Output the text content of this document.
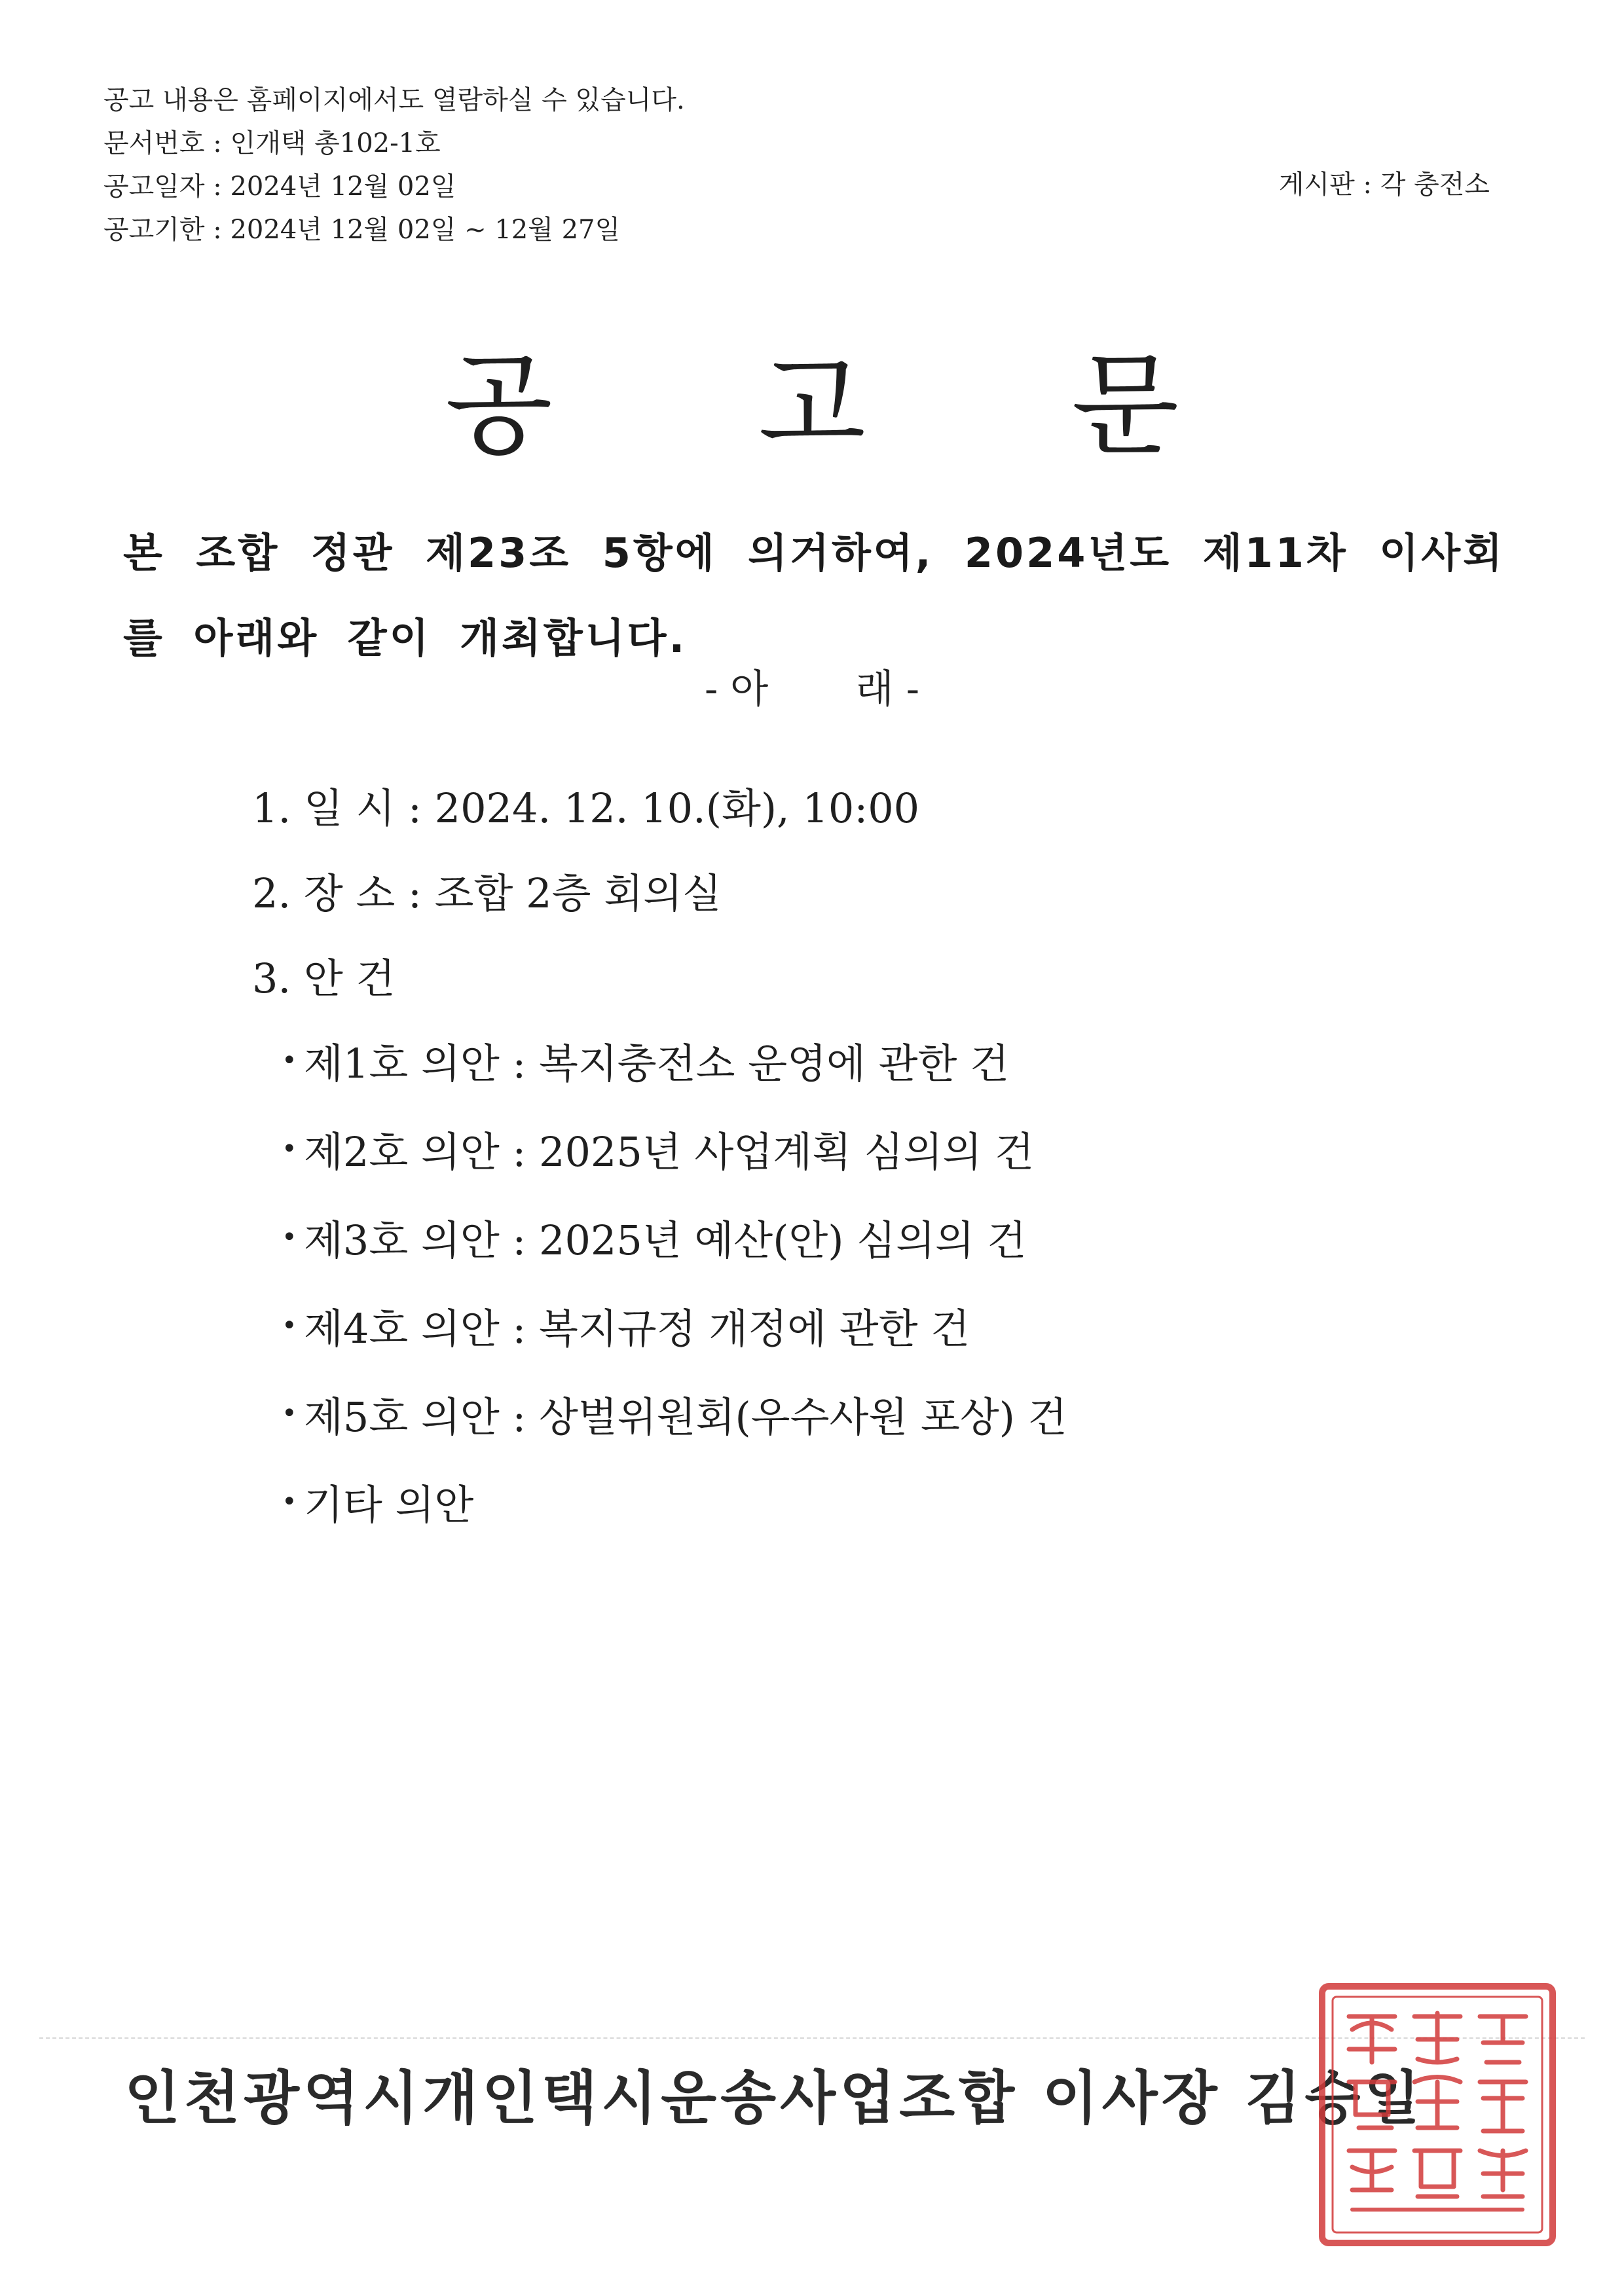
공고 내용은 홈페이지에서도 열람하실 수 있습니다.
문서번호 : 인개택 총102-1호
공고일자 : 2024년 12월 02일
공고기한 : 2024년 12월 02일 ~ 12월 27일
게시판 : 각 충전소
공 고 문
본 조합 정관 제23조 5항에 의거하여, 2024년도 제11차 이사회를 아래와 같이 개최합니다.
- 아       래 -
1. 일 시 : 2024. 12. 10.(화), 10:00
2. 장 소 : 조합 2층 회의실
3. 안 건
• 제1호 의안 : 복지충전소 운영에 관한 건
• 제2호 의안 : 2025년 사업계획 심의의 건
• 제3호 의안 : 2025년 예산(안) 심의의 건
• 제4호 의안 : 복지규정 개정에 관한 건
• 제5호 의안 : 상벌위원회(우수사원 포상) 건
• 기타 의안
인천광역시개인택시운송사업조합 이사장 김승일
